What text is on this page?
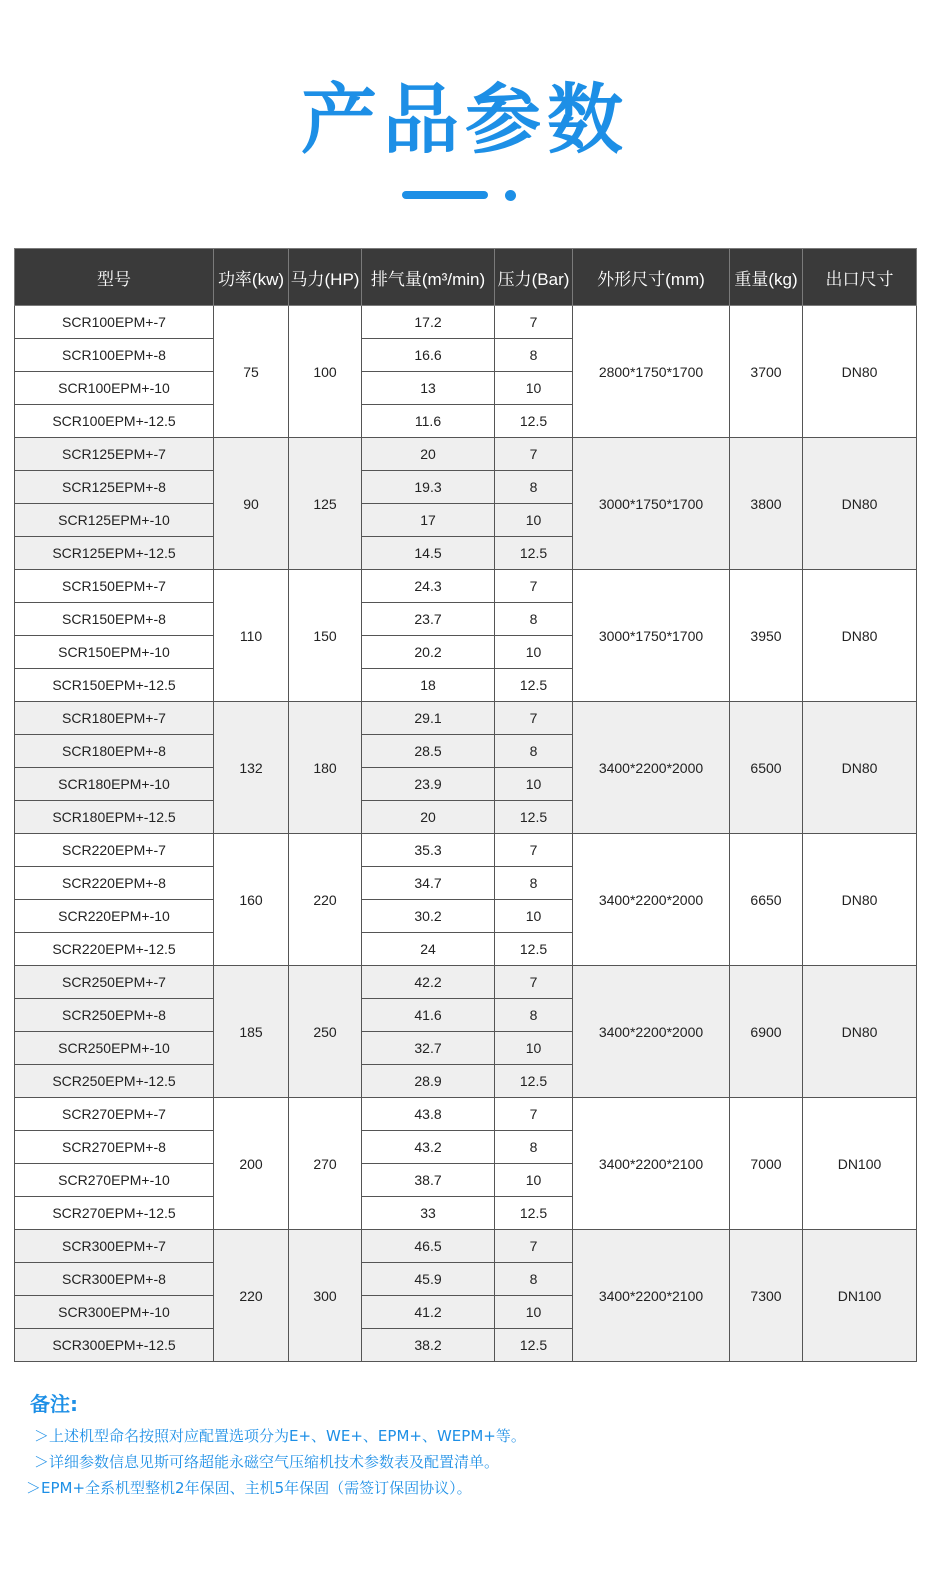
产品参数
型号	功率(kw)	马力(HP)	排气量(m³/min)	压力(Bar)	外形尺寸(mm)	重量(kg)	出口尺寸
SCR100EPM+-7	75	100	17.2	7	2800*1750*1700	3700	DN80
SCR100EPM+-8			16.6	8			
SCR100EPM+-10			13	10			
SCR100EPM+-12.5			11.6	12.5			
SCR125EPM+-7	90	125	20	7	3000*1750*1700	3800	DN80
SCR125EPM+-8			19.3	8			
SCR125EPM+-10			17	10			
SCR125EPM+-12.5			14.5	12.5			
SCR150EPM+-7	110	150	24.3	7	3000*1750*1700	3950	DN80
SCR150EPM+-8			23.7	8			
SCR150EPM+-10			20.2	10			
SCR150EPM+-12.5			18	12.5			
SCR180EPM+-7	132	180	29.1	7	3400*2200*2000	6500	DN80
SCR180EPM+-8			28.5	8			
SCR180EPM+-10			23.9	10			
SCR180EPM+-12.5			20	12.5			
SCR220EPM+-7	160	220	35.3	7	3400*2200*2000	6650	DN80
SCR220EPM+-8			34.7	8			
SCR220EPM+-10			30.2	10			
SCR220EPM+-12.5			24	12.5			
SCR250EPM+-7	185	250	42.2	7	3400*2200*2000	6900	DN80
SCR250EPM+-8			41.6	8			
SCR250EPM+-10			32.7	10			
SCR250EPM+-12.5			28.9	12.5			
SCR270EPM+-7	200	270	43.8	7	3400*2200*2100	7000	DN100
SCR270EPM+-8			43.2	8			
SCR270EPM+-10			38.7	10			
SCR270EPM+-12.5			33	12.5			
SCR300EPM+-7	220	300	46.5	7	3400*2200*2100	7300	DN100
SCR300EPM+-8			45.9	8			
SCR300EPM+-10			41.2	10			
SCR300EPM+-12.5			38.2	12.5			
备注:
＞上述机型命名按照对应配置选项分为E+、WE+、EPM+、WEPM+等。
＞详细参数信息见斯可络超能永磁空气压缩机技术参数表及配置清单。
＞EPM+全系机型整机2年保固、主机5年保固（需签订保固协议）。
